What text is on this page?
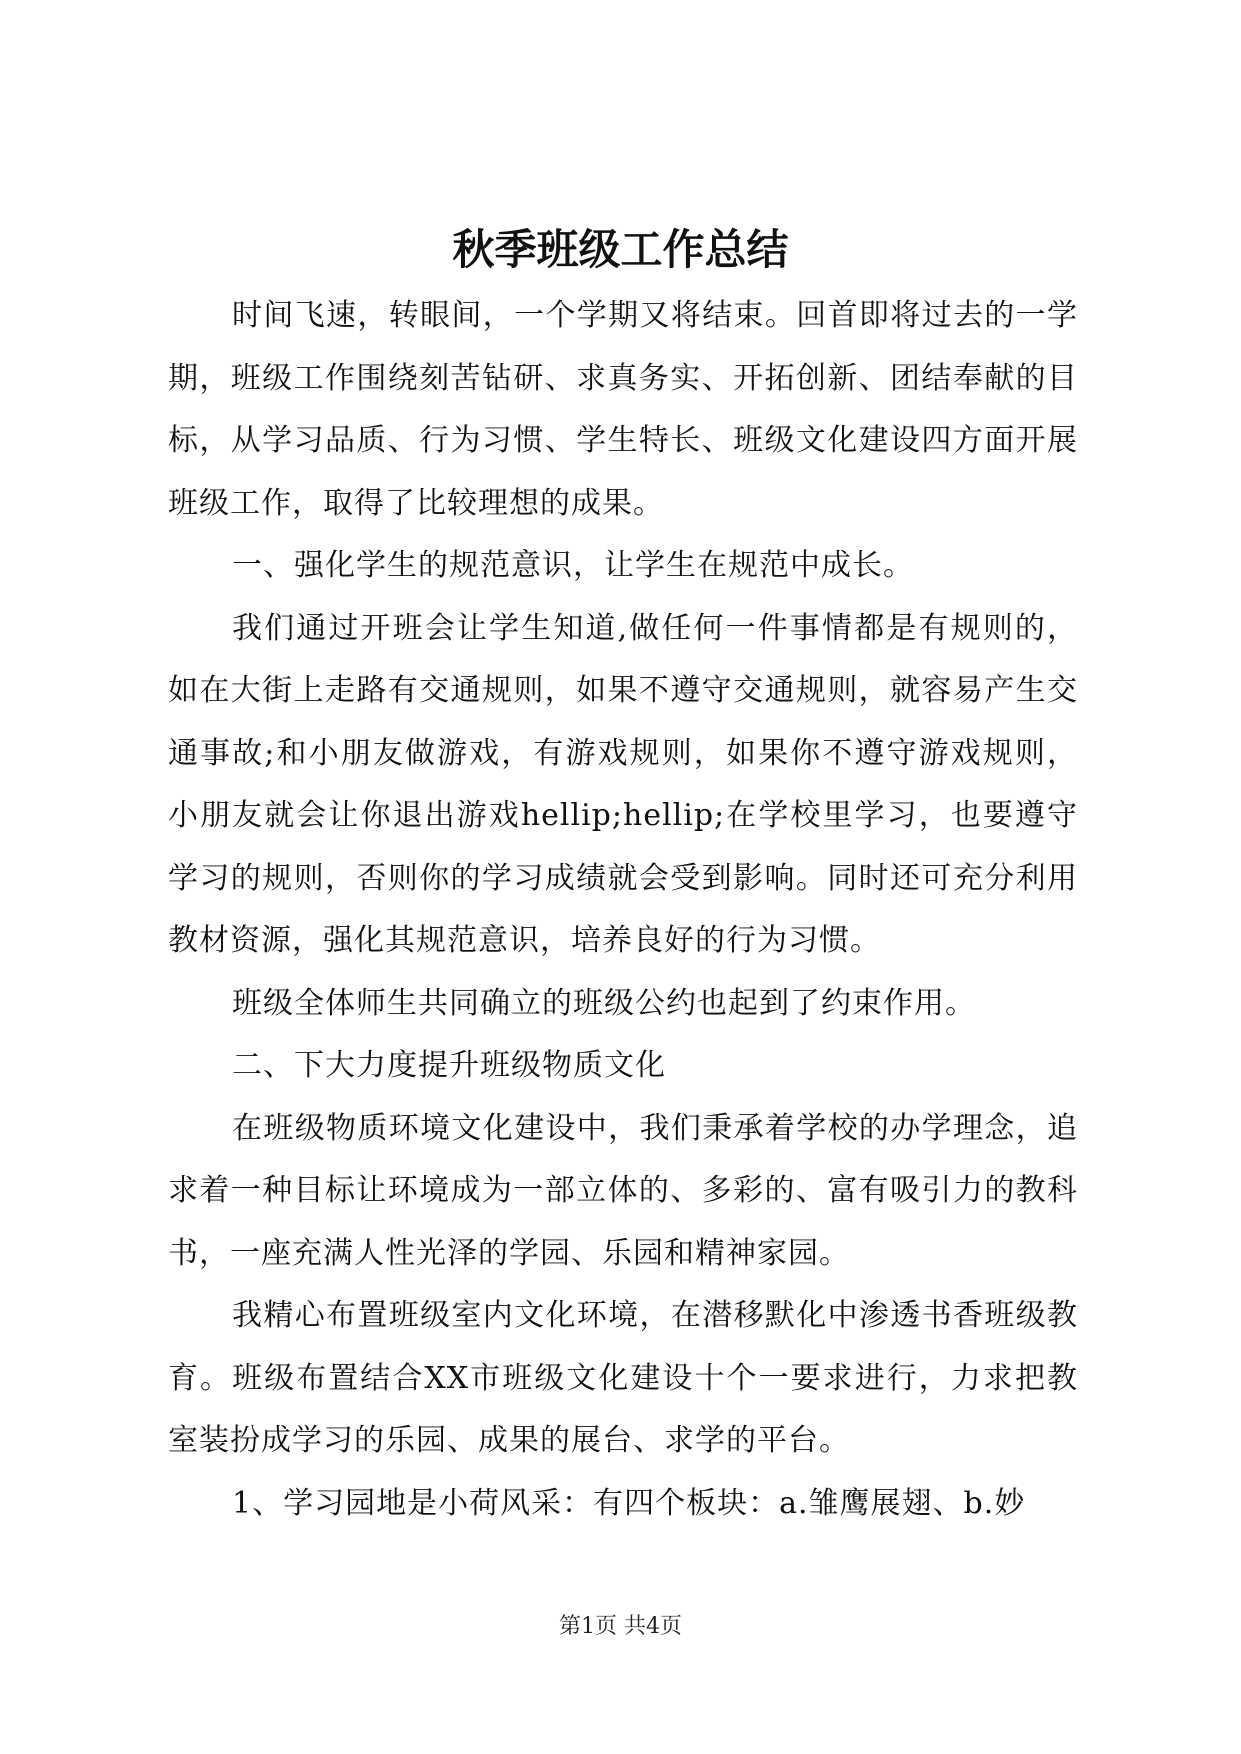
秋季班级工作总结

时间飞速，转眼间，一个学期又将结束。回首即将过去的一学期，班级工作围绕刻苦钻研、求真务实、开拓创新、团结奉献的目标，从学习品质、行为习惯、学生特长、班级文化建设四方面开展班级工作，取得了比较理想的成果。

一、强化学生的规范意识，让学生在规范中成长。

我们通过开班会让学生知道,做任何一件事情都是有规则的，如在大街上走路有交通规则，如果不遵守交通规则，就容易产生交通事故;和小朋友做游戏，有游戏规则，如果你不遵守游戏规则，小朋友就会让你退出游戏hellip;hellip;在学校里学习，也要遵守学习的规则，否则你的学习成绩就会受到影响。同时还可充分利用教材资源，强化其规范意识，培养良好的行为习惯。

班级全体师生共同确立的班级公约也起到了约束作用。

二、下大力度提升班级物质文化

在班级物质环境文化建设中，我们秉承着学校的办学理念，追求着一种目标让环境成为一部立体的、多彩的、富有吸引力的教科书，一座充满人性光泽的学园、乐园和精神家园。

我精心布置班级室内文化环境，在潜移默化中渗透书香班级教育。班级布置结合XX市班级文化建设十个一要求进行，力求把教室装扮成学习的乐园、成果的展台、求学的平台。

1、学习园地是小荷风采：有四个板块：a.雏鹰展翅、b.妙

第1页 共4页
